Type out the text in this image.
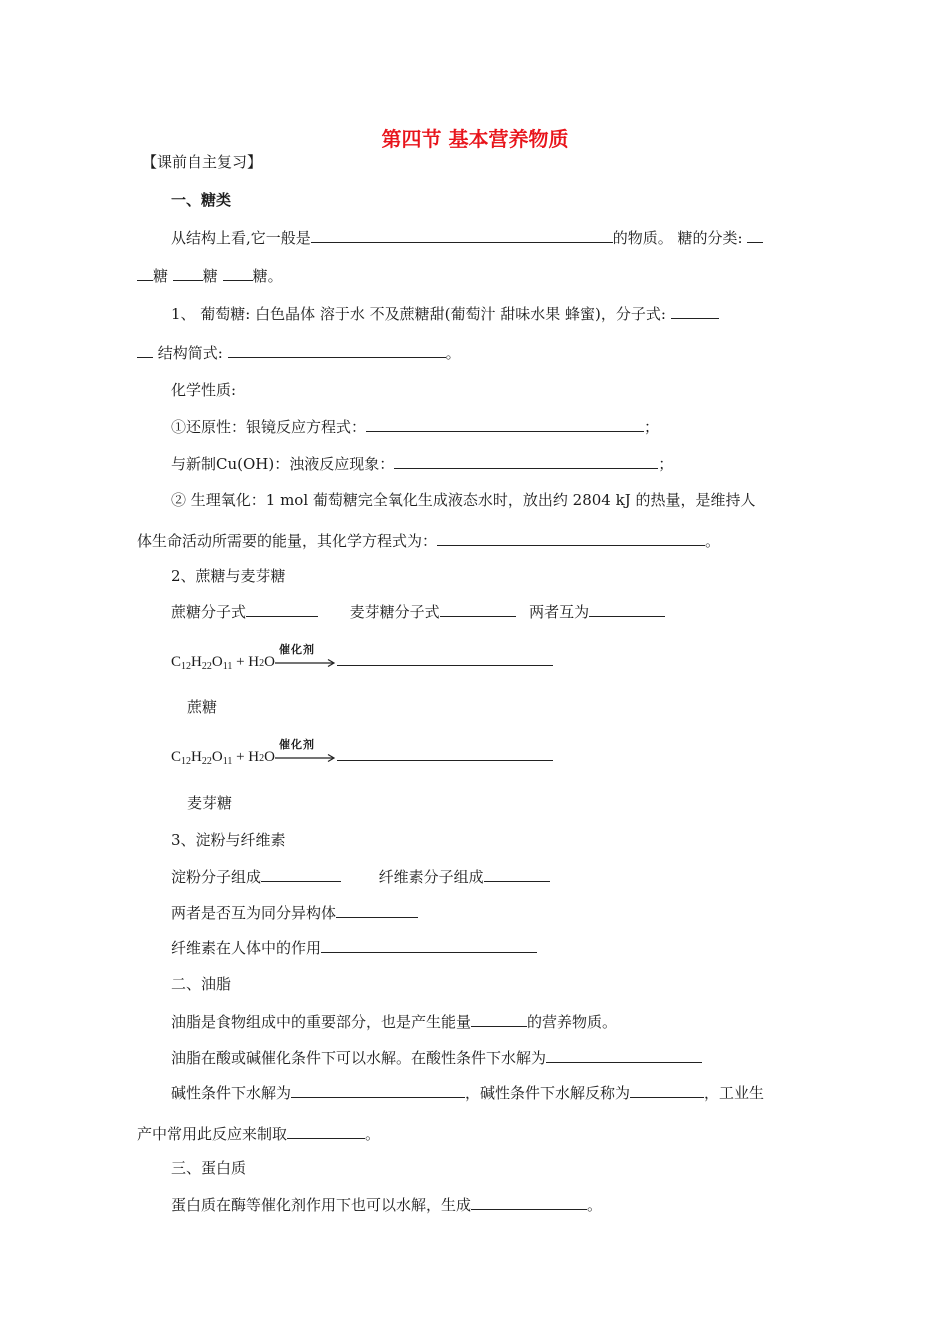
第四节 基本营养物质
【课前自主复习】
一、糖类
从结构上看,它一般是	的物质。 糖的分类:
糖 糖 糖。
1、 葡萄糖: 白色晶体 溶于水 不及蔗糖甜(葡萄汁 甜味水果 蜂蜜)，分子式:
结构简式:	。
化学性质:
①还原性：银镜反应方程式：	；
与新制Cu(OH)：浊液反应现象：	；
② 生理氧化：1 mol 葡萄糖完全氧化生成液态水时，放出约 2804 kJ 的热量，是维持人
体生命活动所需要的能量，其化学方程式为：	。
2、蔗糖与麦芽糖
蔗糖分子式	麦芽糖分子式	两者互为
$C_{12}H_{22}O_{11} + H2O$
催化剂
蔗糖
$C_{12}H_{22}O_{11} + H2O$
催化剂
麦芽糖
3、淀粉与纤维素
淀粉分子组成	纤维素分子组成
两者是否互为同分异构体
纤维素在人体中的作用
二、油脂
油脂是食物组成中的重要部分，也是产生能量	的营养物质。
油脂在酸或碱催化条件下可以水解。在酸性条件下水解为
碱性条件下水解为	，碱性条件下水解反称为	，工业生
产中常用此反应来制取	。
三、蛋白质
蛋白质在酶等催化剂作用下也可以水解，生成	。
